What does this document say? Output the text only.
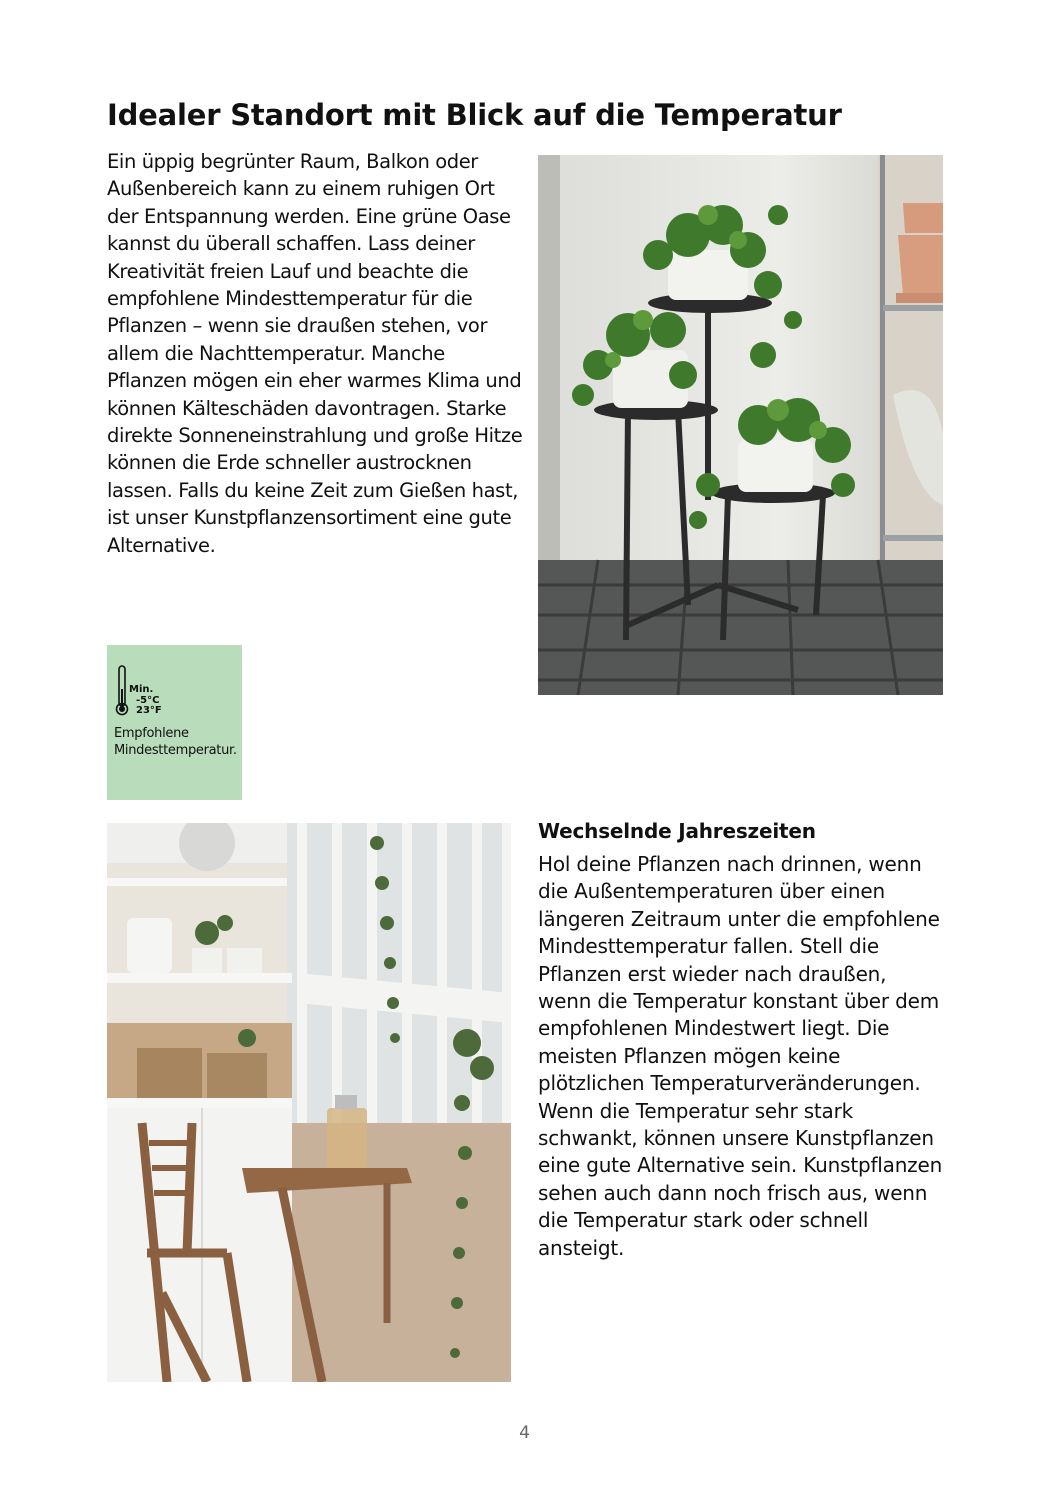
Idealer Standort mit Blick auf die Temperatur

Ein üppig begrünter Raum, Balkon oder Außenbereich kann zu einem ruhigen Ort der Entspannung werden. Eine grüne Oase kannst du überall schaffen. Lass deiner Kreativität freien Lauf und beachte die empfohlene Mindesttemperatur für die Pflanzen – wenn sie draußen stehen, vor allem die Nachttemperatur. Manche Pflanzen mögen ein eher warmes Klima und können Kälteschäden davontragen. Starke direkte Sonneneinstrahlung und große Hitze können die Erde schneller austrocknen lassen. Falls du keine Zeit zum Gießen hast, ist unser Kunstpflanzensortiment eine gute Alternative.

Min.
-5°C
23°F

Empfohlene Mindesttemperatur.

Wechselnde Jahreszeiten

Hol deine Pflanzen nach drinnen, wenn die Außentemperaturen über einen längeren Zeitraum unter die empfohlene Mindesttemperatur fallen. Stell die Pflanzen erst wieder nach draußen, wenn die Temperatur konstant über dem empfohlenen Mindestwert liegt. Die meisten Pflanzen mögen keine plötzlichen Temperaturveränderungen. Wenn die Temperatur sehr stark schwankt, können unsere Kunstpflanzen eine gute Alternative sein. Kunstpflanzen sehen auch dann noch frisch aus, wenn die Temperatur stark oder schnell ansteigt.

4
